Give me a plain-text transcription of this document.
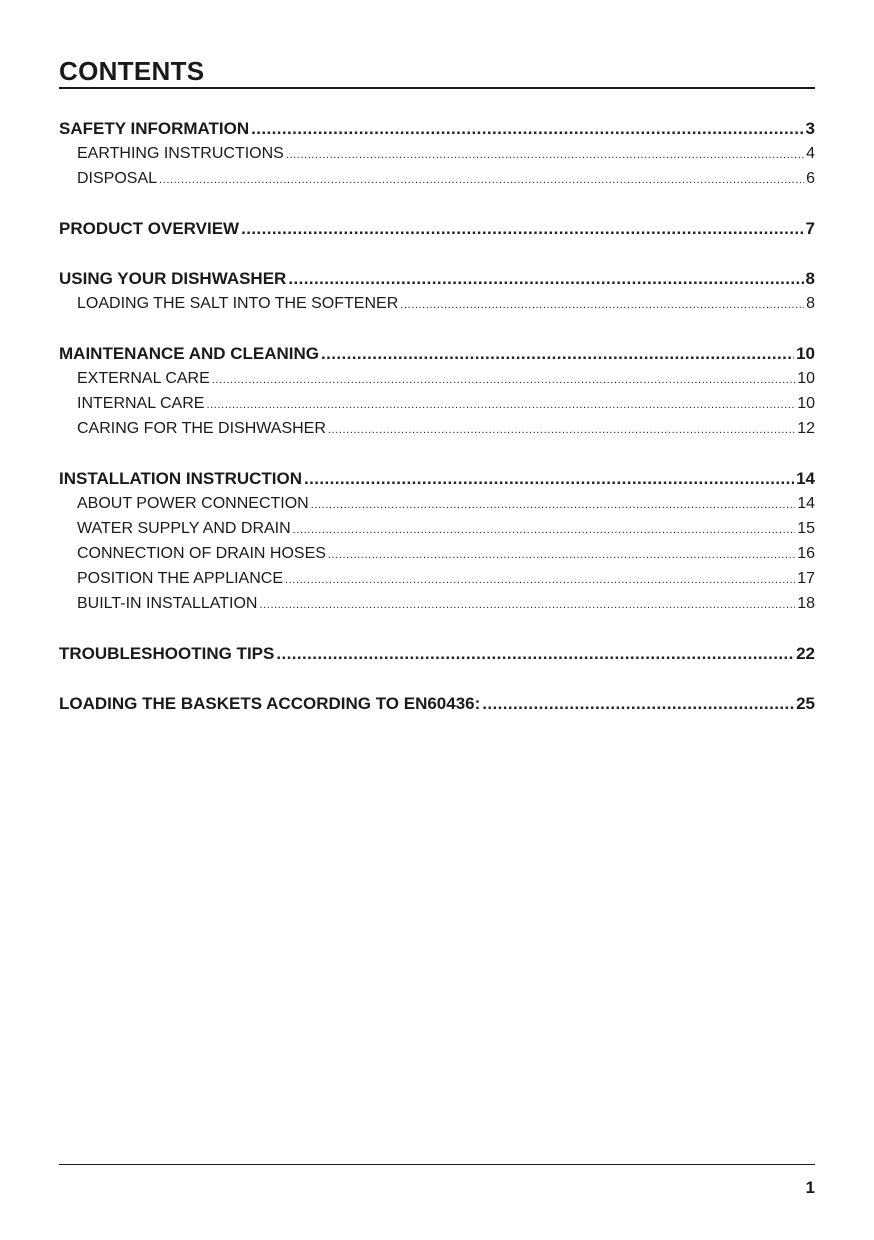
CONTENTS
SAFETY INFORMATION .....	3
EARTHING INSTRUCTIONS .....	4
DISPOSAL .....	6
PRODUCT OVERVIEW .....	7
USING YOUR DISHWASHER .....	8
LOADING THE SALT INTO THE SOFTENER .....	8
MAINTENANCE AND CLEANING .....	10
EXTERNAL CARE .....	10
INTERNAL CARE .....	10
CARING FOR THE DISHWASHER .....	12
INSTALLATION INSTRUCTION .....	14
ABOUT POWER CONNECTION .....	14
WATER SUPPLY AND DRAIN .....	15
CONNECTION OF DRAIN HOSES .....	16
POSITION THE APPLIANCE .....	17
BUILT-IN INSTALLATION .....	18
TROUBLESHOOTING TIPS .....	22
LOADING THE BASKETS ACCORDING TO EN60436: .....	25
1
